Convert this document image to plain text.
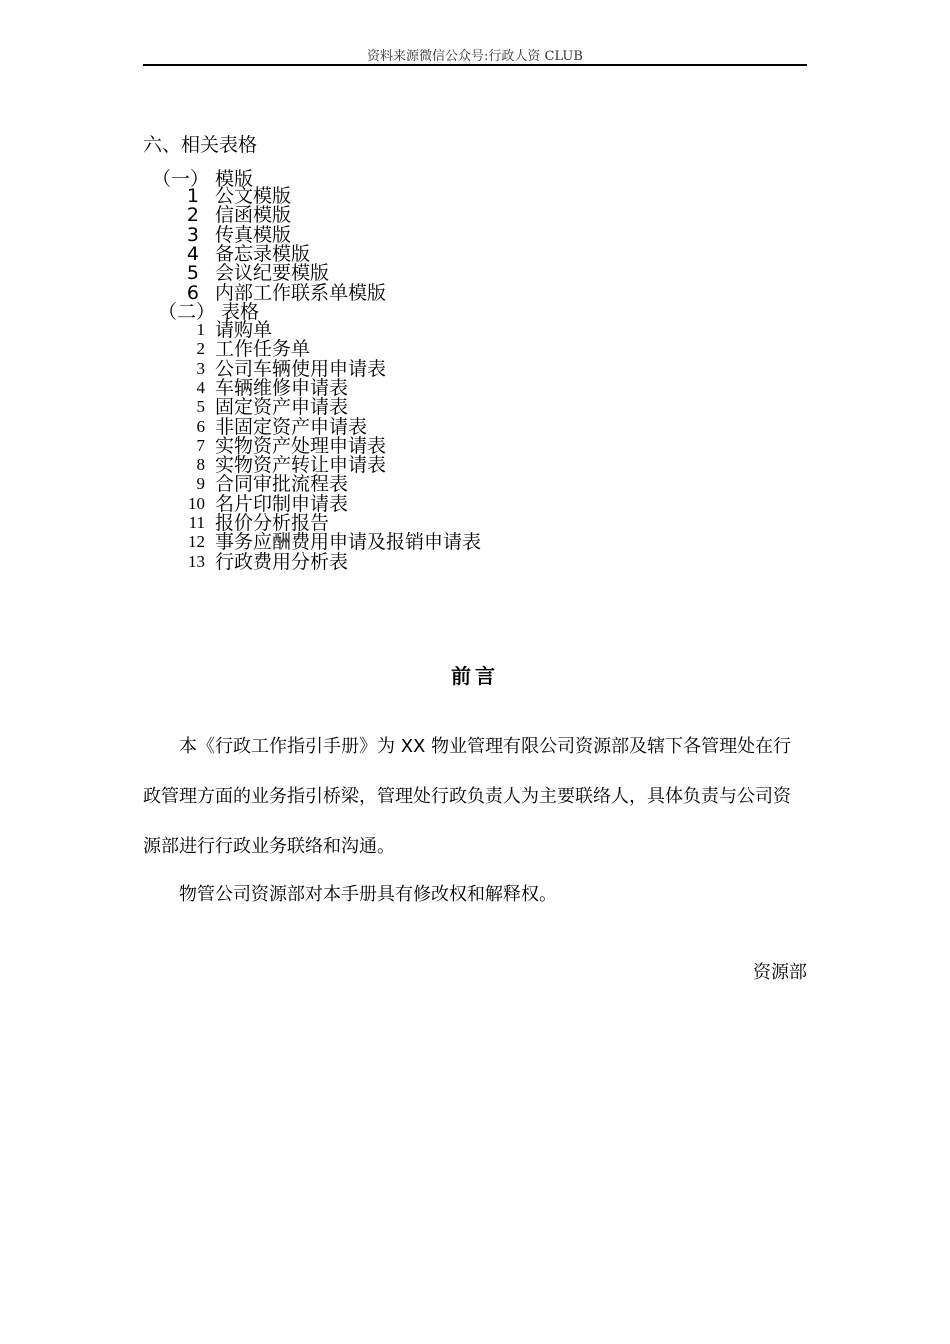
资料来源微信公众号:行政人资 CLUB
六、相关表格
（一） 模版
1 公文模版
2 信函模版
3 传真模版
4 备忘录模版
5 会议纪要模版
6 内部工作联系单模版
（二） 表格
1 请购单
2 工作任务单
3 公司车辆使用申请表
4 车辆维修申请表
5 固定资产申请表
6 非固定资产申请表
7 实物资产处理申请表
8 实物资产转让申请表
9 合同审批流程表
10 名片印制申请表
11 报价分析报告
12 事务应酬费用申请及报销申请表
13 行政费用分析表
前言
本《行政工作指引手册》为 XX 物业管理有限公司资源部及辖下各管理处在行政管理方面的业务指引桥梁，管理处行政负责人为主要联络人，具体负责与公司资源部进行行政业务联络和沟通。
物管公司资源部对本手册具有修改权和解释权。
资源部
